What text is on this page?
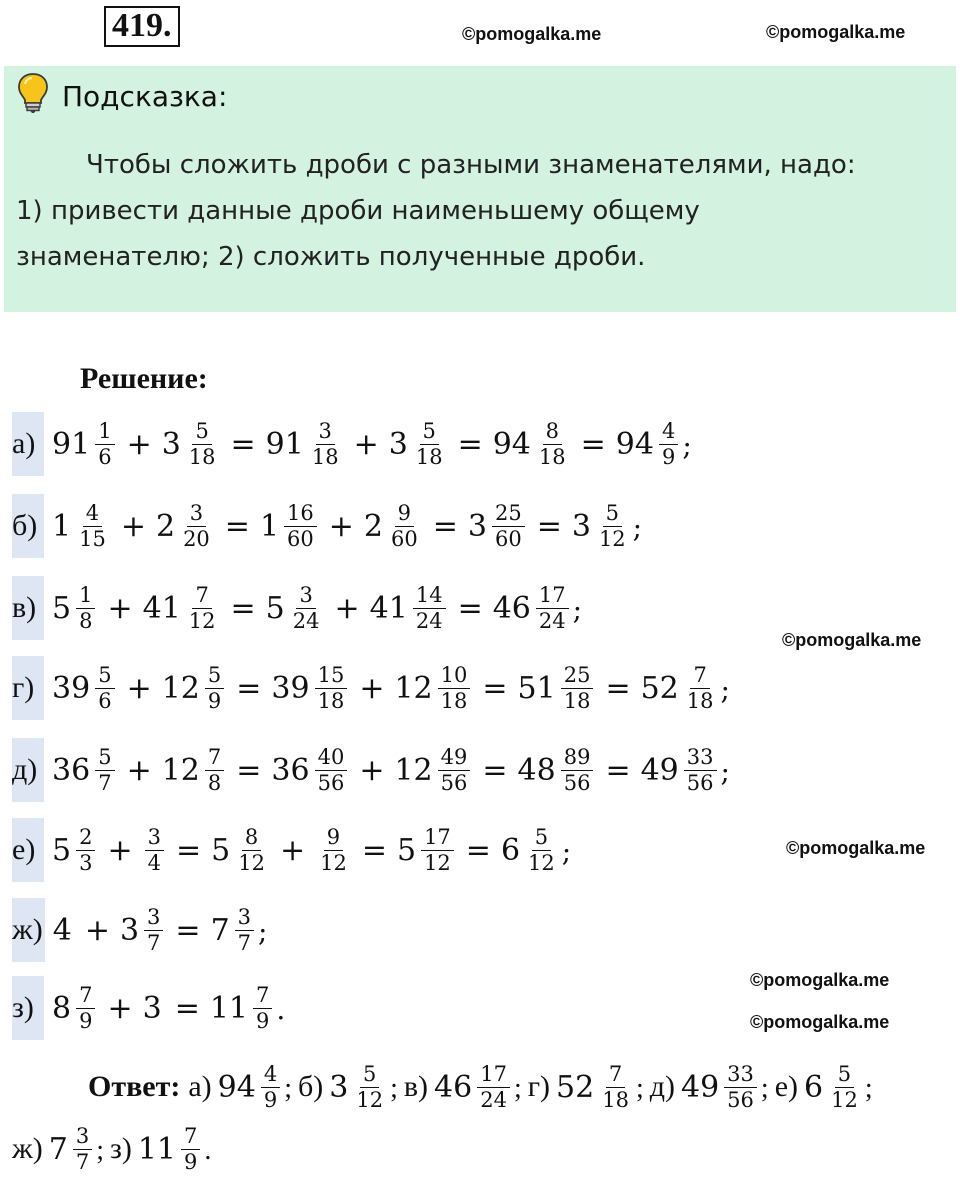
419.	©pomogalka.me	©pomogalka.me
Подсказка:

Чтобы сложить дроби с разными знаменателями, надо:
1) привести данные дроби наименьшему общему
знаменателю; 2) сложить полученные дроби.

Решение:
а) $91 \frac{1}{6} + 3 \frac{5}{18} = 91 \frac{3}{18} + 3 \frac{5}{18} = 94 \frac{8}{18} = 94 \frac{4}{9}$ ;
б) $1 \frac{4}{15} + 2 \frac{3}{20} = 1 \frac{16}{60} + 2 \frac{9}{60} = 3 \frac{25}{60} = 3 \frac{5}{12}$ ;
в) $5 \frac{1}{8} + 41 \frac{7}{12} = 5 \frac{3}{24} + 41 \frac{14}{24} = 46 \frac{17}{24}$ ;
г) $39 \frac{5}{6} + 12 \frac{5}{9} = 39 \frac{15}{18} + 12 \frac{10}{18} = 51 \frac{25}{18} = 52 \frac{7}{18}$ ;
д) $36 \frac{5}{7} + 12 \frac{7}{8} = 36 \frac{40}{56} + 12 \frac{49}{56} = 48 \frac{89}{56} = 49 \frac{33}{56}$ ;
е) $5 \frac{2}{3} + \frac{3}{4} = 5 \frac{8}{12} + \frac{9}{12} = 5 \frac{17}{12} = 6 \frac{5}{12}$ ;
ж) $4 + 3 \frac{3}{7} = 7 \frac{3}{7}$ ;
з) $8 \frac{7}{9} + 3 = 11 \frac{7}{9}$ .
©pomogalka.me
©pomogalka.me
©pomogalka.me
©pomogalka.me
Ответ: а) $94 \frac{4}{9}$ ; б) $3 \frac{5}{12}$ ; в) $46 \frac{17}{24}$ ; г) $52 \frac{7}{18}$ ; д) $49 \frac{33}{56}$ ; е) $6 \frac{5}{12}$ ;
ж) $7 \frac{3}{7}$ ; з) $11 \frac{7}{9}$ .
